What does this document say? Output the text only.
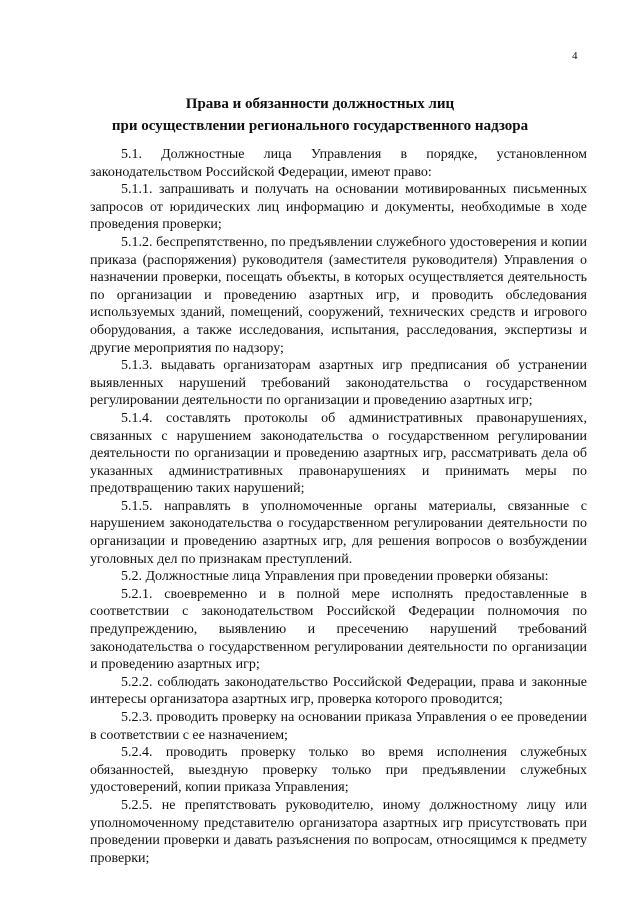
4
Права и обязанности должностных лиц
при осуществлении регионального государственного надзора

5.1. Должностные лица Управления в порядке, установленном законодательством Российской Федерации, имеют право:

5.1.1. запрашивать и получать на основании мотивированных письменных запросов от юридических лиц информацию и документы, необходимые в ходе проведения проверки;

5.1.2. беспрепятственно, по предъявлении служебного удостоверения и копии приказа (распоряжения) руководителя (заместителя руководителя) Управления о назначении проверки, посещать объекты, в которых осуществляется деятельность по организации и проведению азартных игр, и проводить обследования используемых зданий, помещений, сооружений, технических средств и игрового оборудования, а также исследования, испытания, расследования, экспертизы и другие мероприятия по надзору;

5.1.3. выдавать организаторам азартных игр предписания об устранении выявленных нарушений требований законодательства о государственном регулировании деятельности по организации и проведению азартных игр;

5.1.4. составлять протоколы об административных правонарушениях, связанных с нарушением законодательства о государственном регулировании деятельности по организации и проведению азартных игр, рассматривать дела об указанных административных правонарушениях и принимать меры по предотвращению таких нарушений;

5.1.5. направлять в уполномоченные органы материалы, связанные с нарушением законодательства о государственном регулировании деятельности по организации и проведению азартных игр, для решения вопросов о возбуждении уголовных дел по признакам преступлений.

5.2. Должностные лица Управления при проведении проверки обязаны:

5.2.1. своевременно и в полной мере исполнять предоставленные в соответствии с законодательством Российской Федерации полномочия по предупреждению, выявлению и пресечению нарушений требований законодательства о государственном регулировании деятельности по организации и проведению азартных игр;

5.2.2. соблюдать законодательство Российской Федерации, права и законные интересы организатора азартных игр, проверка которого проводится;

5.2.3. проводить проверку на основании приказа Управления о ее проведении в соответствии с ее назначением;

5.2.4. проводить проверку только во время исполнения служебных обязанностей, выездную проверку только при предъявлении служебных удостоверений, копии приказа Управления;

5.2.5. не препятствовать руководителю, иному должностному лицу или уполномоченному представителю организатора азартных игр присутствовать при проведении проверки и давать разъяснения по вопросам, относящимся к предмету проверки;
